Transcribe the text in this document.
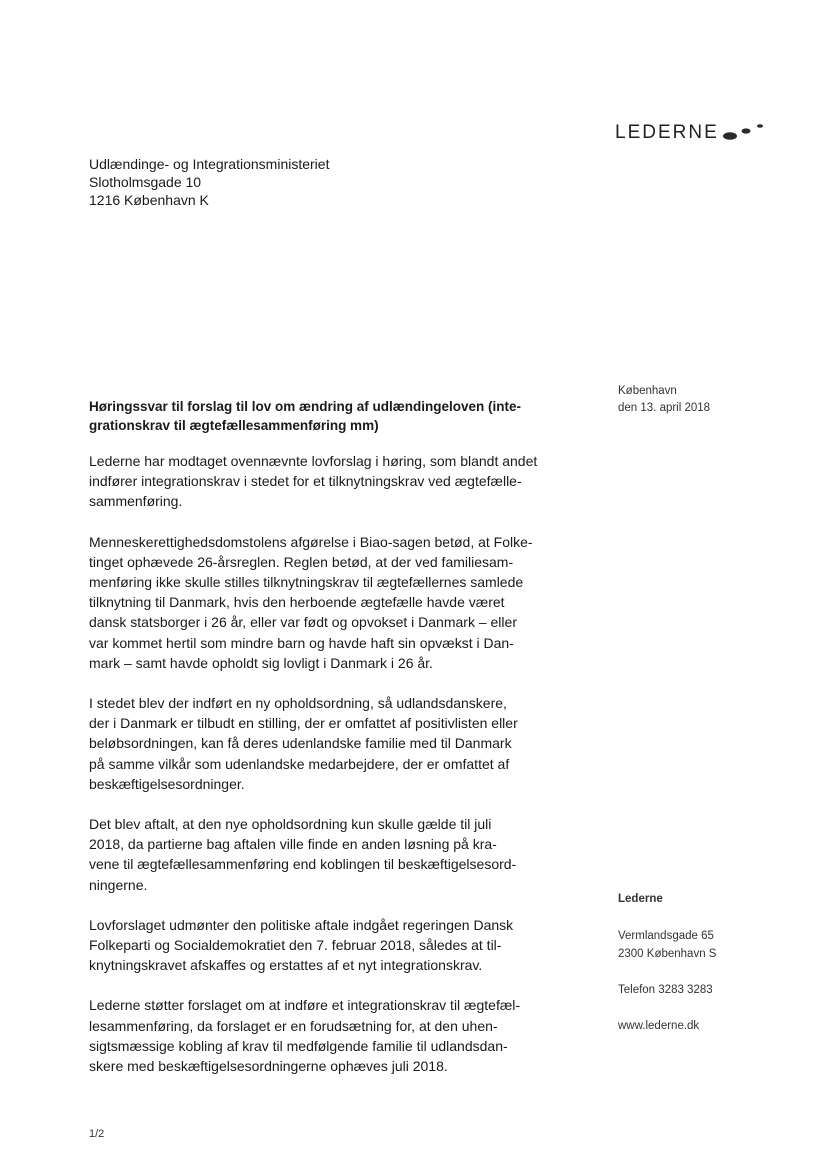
LEDERNE
Udlændinge- og Integrationsministeriet
Slotholmsgade 10
1216 København K
København
den 13. april 2018
Høringssvar til forslag til lov om ændring af udlændingeloven (inte-
grationskrav til ægtefællesammenføring mm)

Lederne har modtaget ovennævnte lovforslag i høring, som blandt andet
indfører integrationskrav i stedet for et tilknytningskrav ved ægtefælle-
sammenføring.

Menneskerettighedsdomstolens afgørelse i Biao-sagen betød, at Folke-
tinget ophævede 26-årsreglen. Reglen betød, at der ved familiesam-
menføring ikke skulle stilles tilknytningskrav til ægtefællernes samlede
tilknytning til Danmark, hvis den herboende ægtefælle havde været
dansk statsborger i 26 år, eller var født og opvokset i Danmark – eller
var kommet hertil som mindre barn og havde haft sin opvækst i Dan-
mark – samt havde opholdt sig lovligt i Danmark i 26 år.

I stedet blev der indført en ny opholdsordning, så udlandsdanskere,
der i Danmark er tilbudt en stilling, der er omfattet af positivlisten eller
beløbsordningen, kan få deres udenlandske familie med til Danmark
på samme vilkår som udenlandske medarbejdere, der er omfattet af
beskæftigelsesordninger.

Det blev aftalt, at den nye opholdsordning kun skulle gælde til juli
2018, da partierne bag aftalen ville finde en anden løsning på kra-
vene til ægtefællesammenføring end koblingen til beskæftigelsesord-
ningerne.

Lovforslaget udmønter den politiske aftale indgået regeringen Dansk
Folkeparti og Socialdemokratiet den 7. februar 2018, således at til-
knytningskravet afskaffes og erstattes af et nyt integrationskrav.

Lederne støtter forslaget om at indføre et integrationskrav til ægtefæl-
lesammenføring, da forslaget er en forudsætning for, at den uhen-
sigtsmæssige kobling af krav til medfølgende familie til udlandsdan-
skere med beskæftigelsesordningerne ophæves juli 2018.

Lederne
Vermlandsgade 65
2300 København S
Telefon 3283 3283
www.lederne.dk
1/2
